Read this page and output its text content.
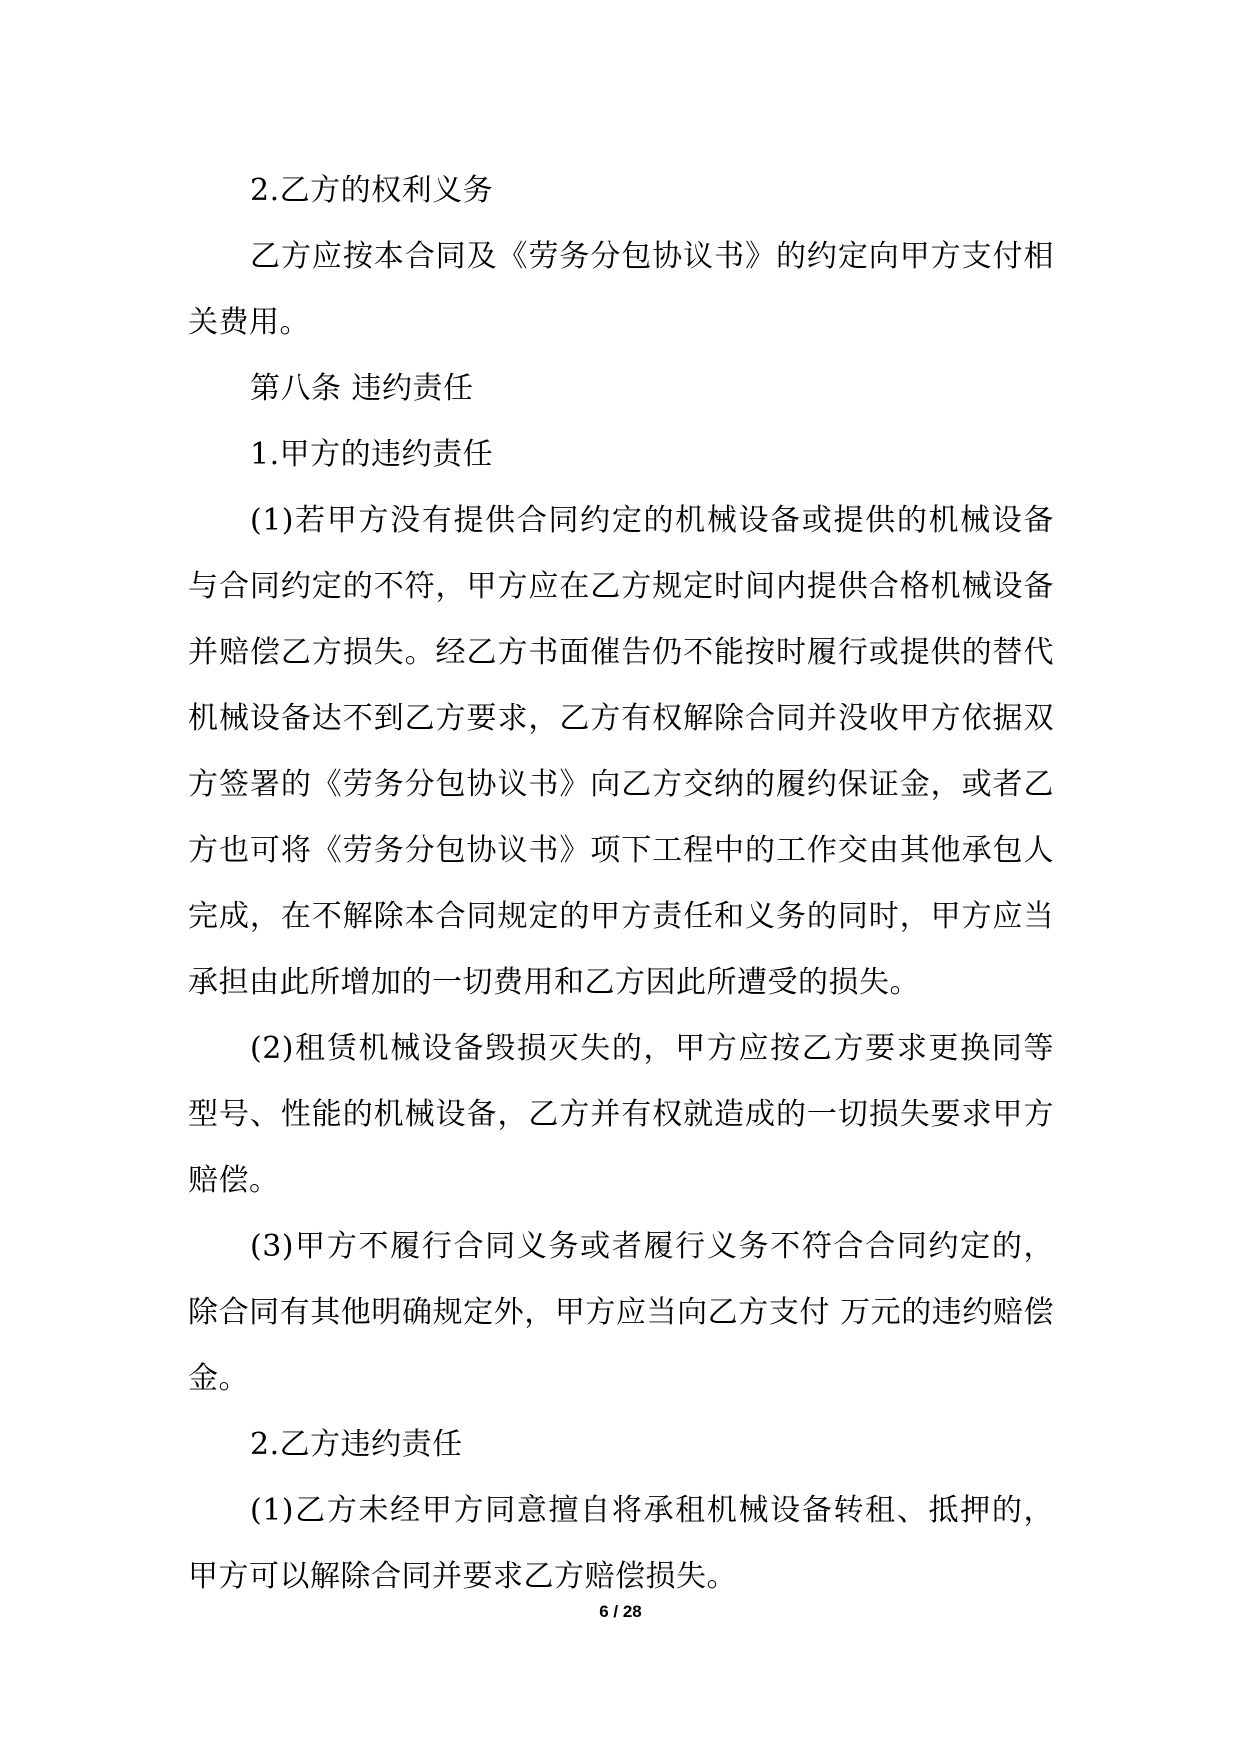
2.乙方的权利义务

乙方应按本合同及《劳务分包协议书》的约定向甲方支付相关费用。

第八条 违约责任

1.甲方的违约责任

(1)若甲方没有提供合同约定的机械设备或提供的机械设备与合同约定的不符，甲方应在乙方规定时间内提供合格机械设备并赔偿乙方损失。经乙方书面催告仍不能按时履行或提供的替代机械设备达不到乙方要求，乙方有权解除合同并没收甲方依据双方签署的《劳务分包协议书》向乙方交纳的履约保证金，或者乙方也可将《劳务分包协议书》项下工程中的工作交由其他承包人完成，在不解除本合同规定的甲方责任和义务的同时，甲方应当承担由此所增加的一切费用和乙方因此所遭受的损失。

(2)租赁机械设备毁损灭失的，甲方应按乙方要求更换同等型号、性能的机械设备，乙方并有权就造成的一切损失要求甲方赔偿。

(3)甲方不履行合同义务或者履行义务不符合合同约定的，除合同有其他明确规定外，甲方应当向乙方支付 万元的违约赔偿金。

2.乙方违约责任

(1)乙方未经甲方同意擅自将承租机械设备转租、抵押的，甲方可以解除合同并要求乙方赔偿损失。

6 / 28
